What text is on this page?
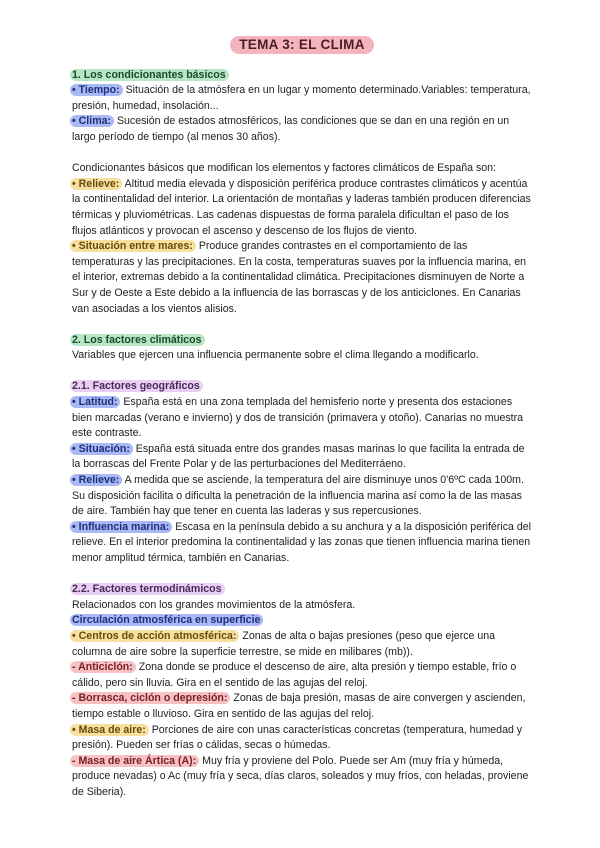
TEMA 3: EL CLIMA

1. Los condicionantes básicos

• Tiempo: Situación de la atmósfera en un lugar y momento determinado.Variables: temperatura, presión, humedad, insolación...

• Clima: Sucesión de estados atmosféricos, las condiciones que se dan en una región en un largo período de tiempo (al menos 30 años).

Condicionantes básicos que modifican los elementos y factores climáticos de España son:

• Relieve: Altitud media elevada y disposición periférica produce contrastes climáticos y acentúa la continentalidad del interior. La orientación de montañas y laderas también producen diferencias térmicas y pluviométricas. Las cadenas dispuestas de forma paralela dificultan el paso de los flujos atlánticos y provocan el ascenso y descenso de los flujos de viento.

• Situación entre mares: Produce grandes contrastes en el comportamiento de las temperaturas y las precipitaciones. En la costa, temperaturas suaves por la influencia marina, en el interior, extremas debido a la continentalidad climática. Precipitaciones disminuyen de Norte a Sur y de Oeste a Este debido a la influencia de las borrascas y de los anticiclones. En Canarias van asociadas a los vientos alisios.

2. Los factores climáticos

Variables que ejercen una influencia permanente sobre el clima llegando a modificarlo.

2.1. Factores geográficos

• Latitud: España está en una zona templada del hemisferio norte y presenta dos estaciones bien marcadas (verano e invierno) y dos de transición (primavera y otoño). Canarias no muestra este contraste.

• Situación: España está situada entre dos grandes masas marinas lo que facilita la entrada de la borrascas del Frente Polar y de las perturbaciones del Mediterráeno.

• Relieve: A medida que se asciende, la temperatura del aire disminuye unos 0'6ºC cada 100m. Su disposición facilita o dificulta la penetración de la influencia marina así como la de las masas de aire. También hay que tener en cuenta las laderas y sus repercusiones.

• Influencia marina: Escasa en la península debido a su anchura y a la disposición periférica del relieve. En el interior predomina la continentalidad y las zonas que tienen influencia marina tienen menor amplitud térmica, también en Canarias.

2.2. Factores termodinámicos

Relacionados con los grandes movimientos de la atmósfera.

Circulación atmosférica en superficie

• Centros de acción atmosférica: Zonas de alta o bajas presiones (peso que ejerce una columna de aire sobre la superficie terrestre, se mide en milibares (mb)).

- Anticiclón: Zona donde se produce el descenso de aire, alta presión y tiempo estable, frío o cálido, pero sin lluvia. Gira en el sentido de las agujas del reloj.

- Borrasca, ciclón o depresión: Zonas de baja presión, masas de aire convergen y ascienden, tiempo estable o lluvioso. Gira en sentido de las agujas del reloj.

• Masa de aire: Porciones de aire con unas características concretas (temperatura, humedad y presión). Pueden ser frías o cálidas, secas o húmedas.

- Masa de aire Ártica (A): Muy fría y proviene del Polo. Puede ser Am (muy fría y húmeda, produce nevadas) o Ac (muy fría y seca, días claros, soleados y muy fríos, con heladas, proviene de Siberia).
